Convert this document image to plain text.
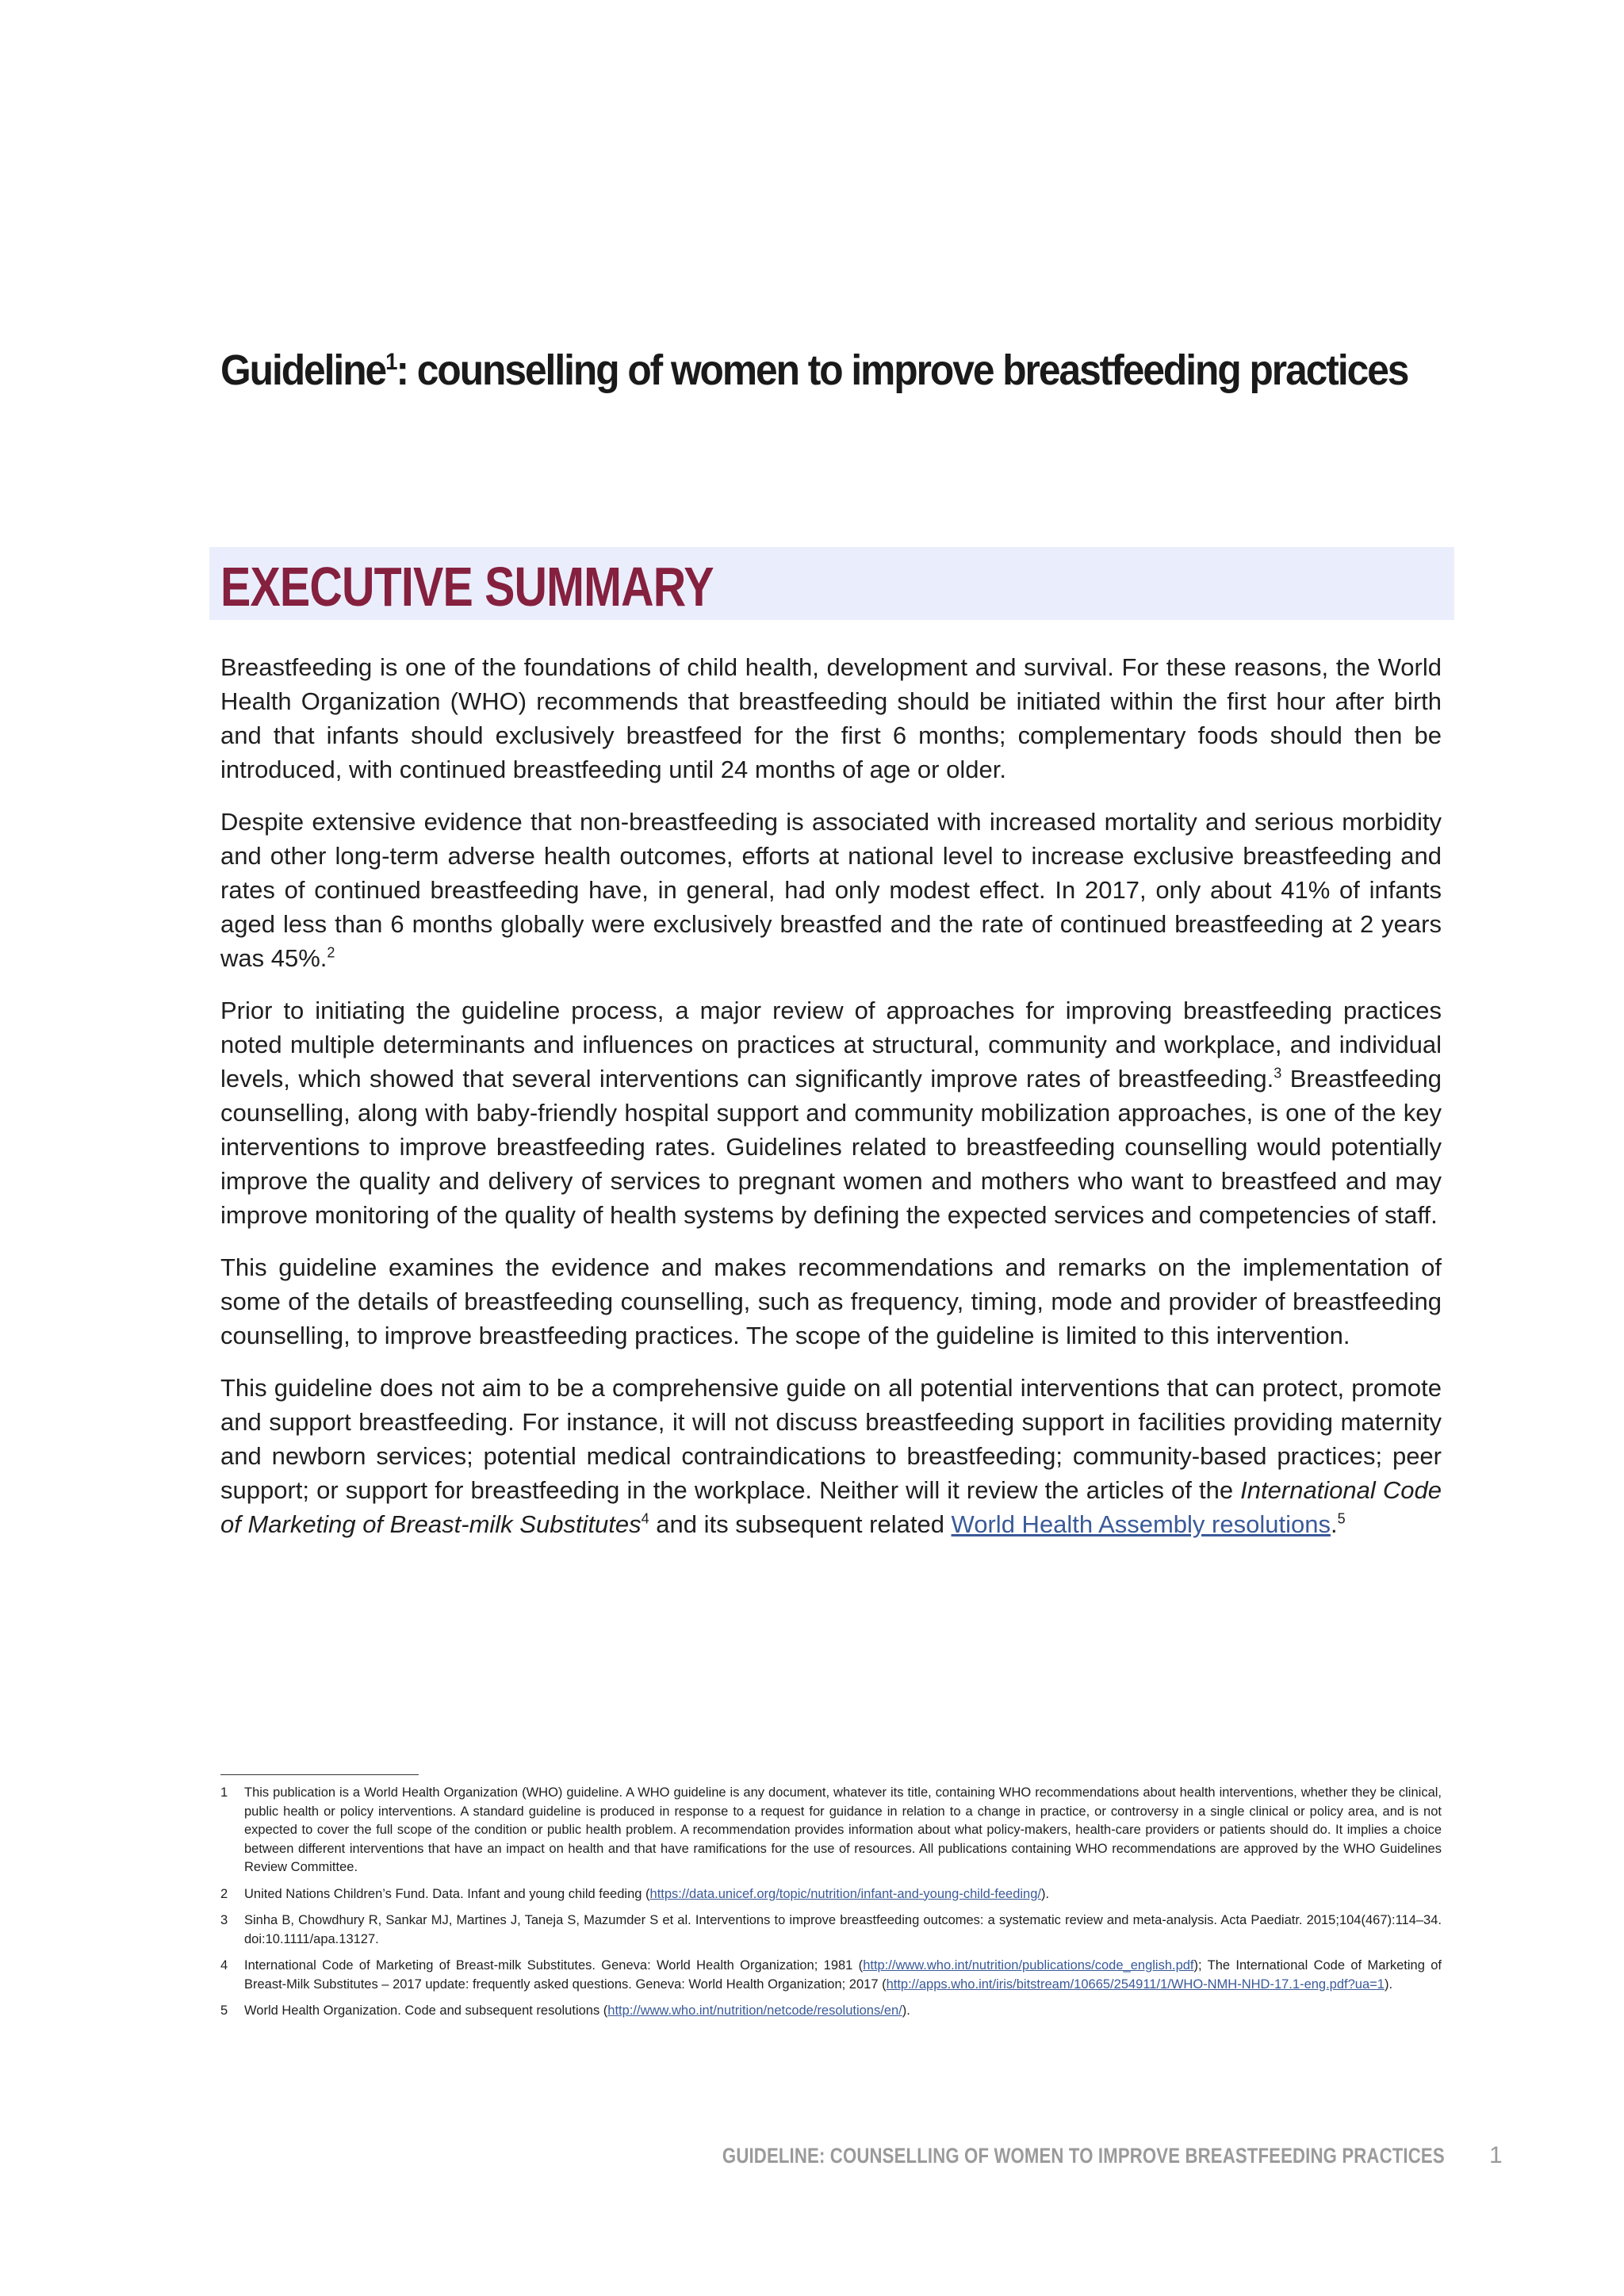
Guideline$^1$: counselling of women to improve breastfeeding practices
EXECUTIVE SUMMARY

Breastfeeding is one of the foundations of child health, development and survival. For these reasons, the World Health Organization (WHO) recommends that breastfeeding should be initiated within the first hour after birth and that infants should exclusively breastfeed for the first 6 months; complementary foods should then be introduced, with continued breastfeeding until 24 months of age or older.

Despite extensive evidence that non-breastfeeding is associated with increased mortality and serious morbidity and other long-term adverse health outcomes, efforts at national level to increase exclusive breastfeeding and rates of continued breastfeeding have, in general, had only modest effect. In 2017, only about 41% of infants aged less than 6 months globally were exclusively breastfed and the rate of continued breastfeeding at 2 years was 45%.$^2$

Prior to initiating the guideline process, a major review of approaches for improving breastfeeding practices noted multiple determinants and influences on practices at structural, community and workplace, and individual levels, which showed that several interventions can significantly improve rates of breastfeeding.$^3$ Breastfeeding counselling, along with baby-friendly hospital support and community mobilization approaches, is one of the key interventions to improve breastfeeding rates. Guidelines related to breastfeeding counselling would potentially improve the quality and delivery of services to pregnant women and mothers who want to breastfeed and may improve monitoring of the quality of health systems by defining the expected services and competencies of staff.

This guideline examines the evidence and makes recommendations and remarks on the implementation of some of the details of breastfeeding counselling, such as frequency, timing, mode and provider of breastfeeding counselling, to improve breastfeeding practices. The scope of the guideline is limited to this intervention.

This guideline does not aim to be a comprehensive guide on all potential interventions that can protect, promote and support breastfeeding. For instance, it will not discuss breastfeeding support in facilities providing maternity and newborn services; potential medical contraindications to breastfeeding; community-based practices; peer support; or support for breastfeeding in the workplace. Neither will it review the articles of the International Code of Marketing of Breast-milk Substitutes$^4$ and its subsequent related World Health Assembly resolutions.$^5$

1	This publication is a World Health Organization (WHO) guideline. A WHO guideline is any document, whatever its title, containing WHO recommendations about health interventions, whether they be clinical, public health or policy interventions. A standard guideline is produced in response to a request for guidance in relation to a change in practice, or controversy in a single clinical or policy area, and is not expected to cover the full scope of the condition or public health problem. A recommendation provides information about what policy-makers, health-care providers or patients should do. It implies a choice between different interventions that have an impact on health and that have ramifications for the use of resources. All publications containing WHO recommendations are approved by the WHO Guidelines Review Committee.
2	United Nations Children’s Fund. Data. Infant and young child feeding (https://data.unicef.org/topic/nutrition/infant-and-young-child-feeding/).
3	Sinha B, Chowdhury R, Sankar MJ, Martines J, Taneja S, Mazumder S et al. Interventions to improve breastfeeding outcomes: a systematic review and meta-analysis. Acta Paediatr. 2015;104(467):114–34. doi:10.1111/apa.13127.
4	International Code of Marketing of Breast-milk Substitutes. Geneva: World Health Organization; 1981 (http://www.who.int/nutrition/publications/code_english.pdf); The International Code of Marketing of Breast-Milk Substitutes – 2017 update: frequently asked questions. Geneva: World Health Organization; 2017 (http://apps.who.int/iris/bitstream/10665/254911/1/WHO-NMH-NHD-17.1-eng.pdf?ua=1).
5	World Health Organization. Code and subsequent resolutions (http://www.who.int/nutrition/netcode/resolutions/en/).
GUIDELINE: COUNSELLING OF WOMEN TO IMPROVE BREASTFEEDING PRACTICES 1
